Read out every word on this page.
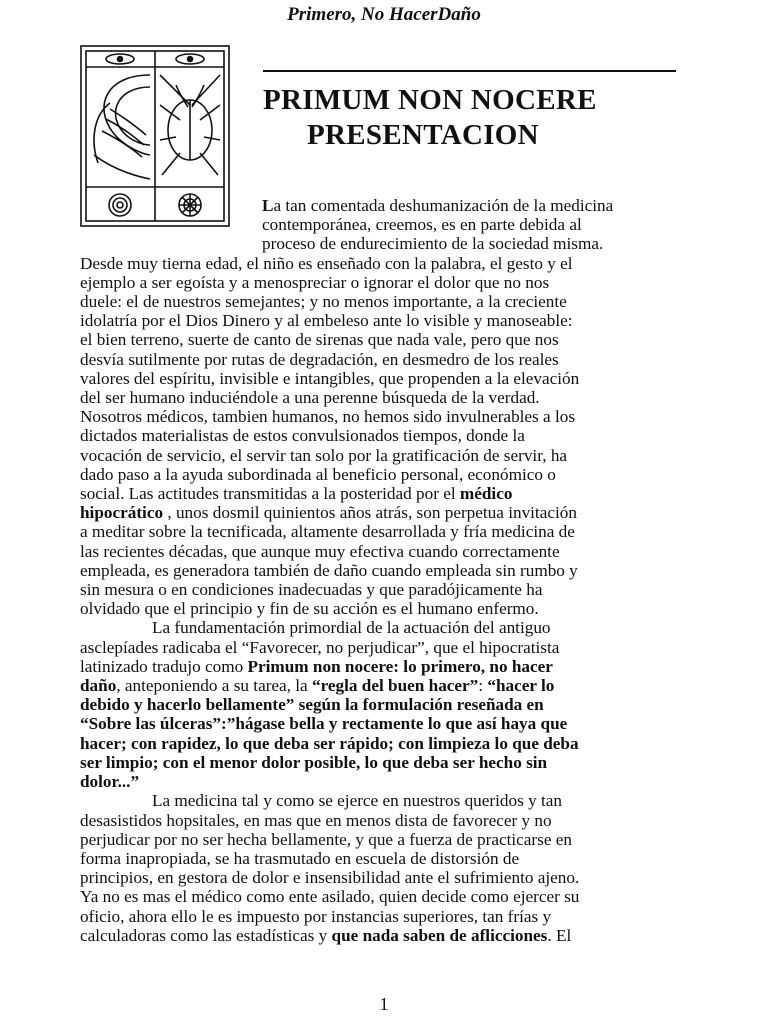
Primero, No HacerDaño
PRIMUM NON NOCERE
PRESENTACION
La tan comentada deshumanización de la medicina
contemporánea, creemos, es en parte debida al
proceso de endurecimiento de la sociedad misma.
Desde muy tierna edad, el niño es enseñado con la palabra, el gesto y el
ejemplo a ser egoísta y a menospreciar o ignorar el dolor que no nos
duele: el de nuestros semejantes; y no menos importante, a la creciente
idolatría por el Dios Dinero y al embeleso ante lo visible y manoseable:
el bien terreno, suerte de canto de sirenas que nada vale, pero que nos
desvía sutilmente por rutas de degradación, en desmedro de los reales
valores del espíritu, invisible e intangibles, que propenden a la elevación
del ser humano induciéndole a una perenne búsqueda de la verdad.
Nosotros médicos, tambien humanos, no hemos sido invulnerables a los
dictados materialistas de estos convulsionados tiempos, donde la
vocación de servicio, el servir tan solo por la gratificación de servir, ha
dado paso a la ayuda subordinada al beneficio personal, económico o
social. Las actitudes transmitidas a la posteridad por el médico
hipocrático , unos dosmil quinientos años atrás, son perpetua invitación
a meditar sobre la tecnificada, altamente desarrollada y fría medicina de
las recientes décadas, que aunque muy efectiva cuando correctamente
empleada, es generadora también de daño cuando empleada sin rumbo y
sin mesura o en condiciones inadecuadas y que paradójicamente ha
olvidado que el principio y fin de su acción es el humano enfermo.
La fundamentación primordial de la actuación del antiguo
asclepíades radicaba el “Favorecer, no perjudicar”, que el hipocratista
latinizado tradujo como Primum non nocere: lo primero, no hacer
daño, anteponiendo a su tarea, la “regla del buen hacer”: “hacer lo
debido y hacerlo bellamente” según la formulación reseñada en
“Sobre las úlceras”:”hágase bella y rectamente lo que así haya que
hacer; con rapidez, lo que deba ser rápido; con limpieza lo que deba
ser limpio; con el menor dolor posible, lo que deba ser hecho sin
dolor...”
La medicina tal y como se ejerce en nuestros queridos y tan
desasistidos hopsitales, en mas que en menos dista de favorecer y no
perjudicar por no ser hecha bellamente, y que a fuerza de practicarse en
forma inapropiada, se ha trasmutado en escuela de distorsión de
principios, en gestora de dolor e insensibilidad ante el sufrimiento ajeno.
Ya no es mas el médico como ente asilado, quien decide como ejercer su
oficio, ahora ello le es impuesto por instancias superiores, tan frías y
calculadoras como las estadísticas y que nada saben de aflicciones. El
1
